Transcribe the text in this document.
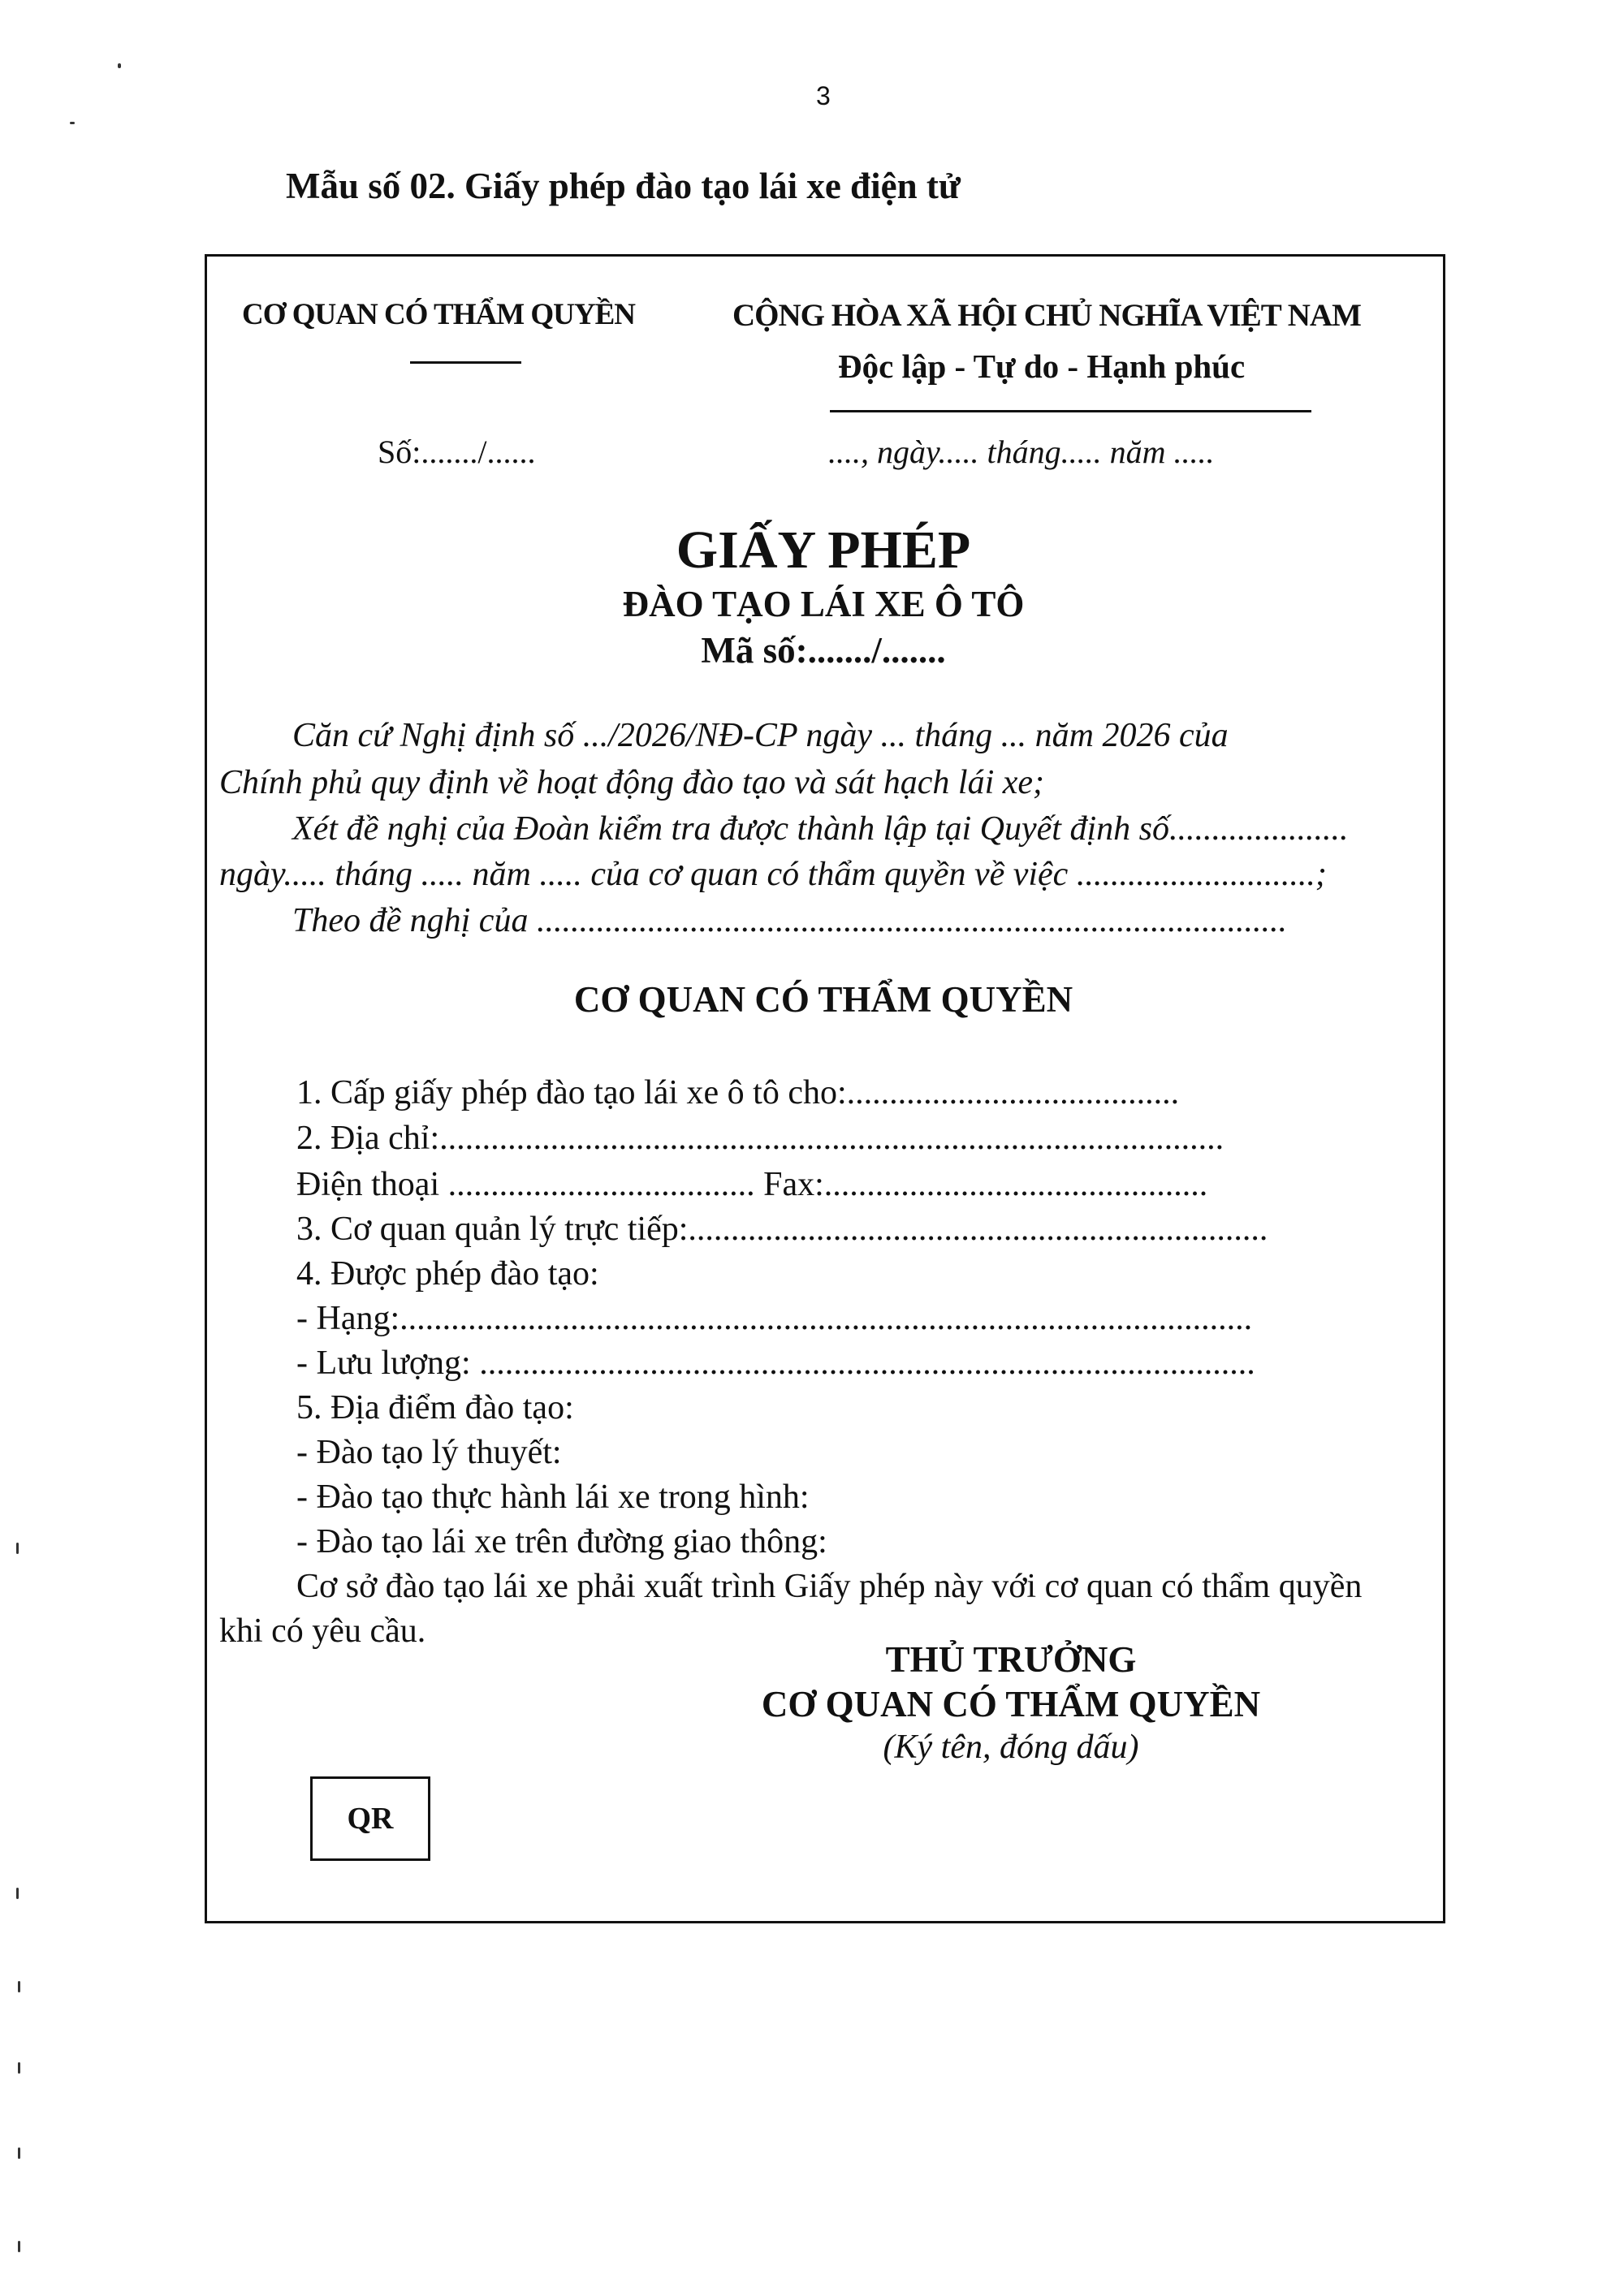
3
Mẫu số 02. Giấy phép đào tạo lái xe điện tử
CƠ QUAN CÓ THẨM QUYỀN	CỘNG HÒA XÃ HỘI CHỦ NGHĨA VIỆT NAM
Độc lập - Tự do - Hạnh phúc
Số:......./......	...., ngày..... tháng..... năm .....
GIẤY PHÉP
ĐÀO TẠO LÁI XE Ô TÔ
Mã số:......./.......
Căn cứ Nghị định số .../2026/NĐ-CP ngày ... tháng ... năm 2026 của
Chính phủ quy định về hoạt động đào tạo và sát hạch lái xe;
Xét đề nghị của Đoàn kiểm tra được thành lập tại Quyết định số.....................
ngày..... tháng ..... năm ..... của cơ quan có thẩm quyền về việc ............................;
Theo đề nghị của ........................................................................................
CƠ QUAN CÓ THẨM QUYỀN
1. Cấp giấy phép đào tạo lái xe ô tô cho:.......................................
2. Địa chỉ:............................................................................................
Điện thoại .................................... Fax:.............................................
3. Cơ quan quản lý trực tiếp:....................................................................
4. Được phép đào tạo:
- Hạng:....................................................................................................
- Lưu lượng: ...........................................................................................
5. Địa điểm đào tạo:
- Đào tạo lý thuyết:
- Đào tạo thực hành lái xe trong hình:
- Đào tạo lái xe trên đường giao thông:
Cơ sở đào tạo lái xe phải xuất trình Giấy phép này với cơ quan có thẩm quyền
khi có yêu cầu.
THỦ TRƯỞNG
CƠ QUAN CÓ THẨM QUYỀN
(Ký tên, đóng dấu)
QR
